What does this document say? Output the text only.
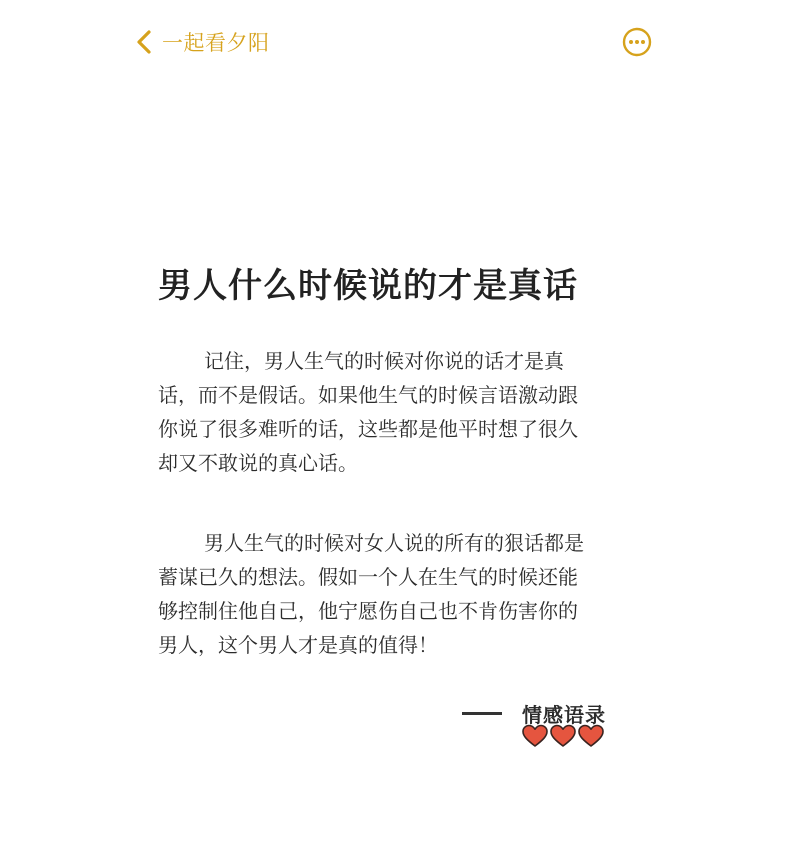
一起看夕阳
男人什么时候说的才是真话

记住，男人生气的时候对你说的话才是真
话，而不是假话。如果他生气的时候言语激动跟
你说了很多难听的话，这些都是他平时想了很久
却又不敢说的真心话。

男人生气的时候对女人说的所有的狠话都是
蓄谋已久的想法。假如一个人在生气的时候还能
够控制住他自己，他宁愿伤自己也不肯伤害你的
男人，这个男人才是真的值得！

情感语录
